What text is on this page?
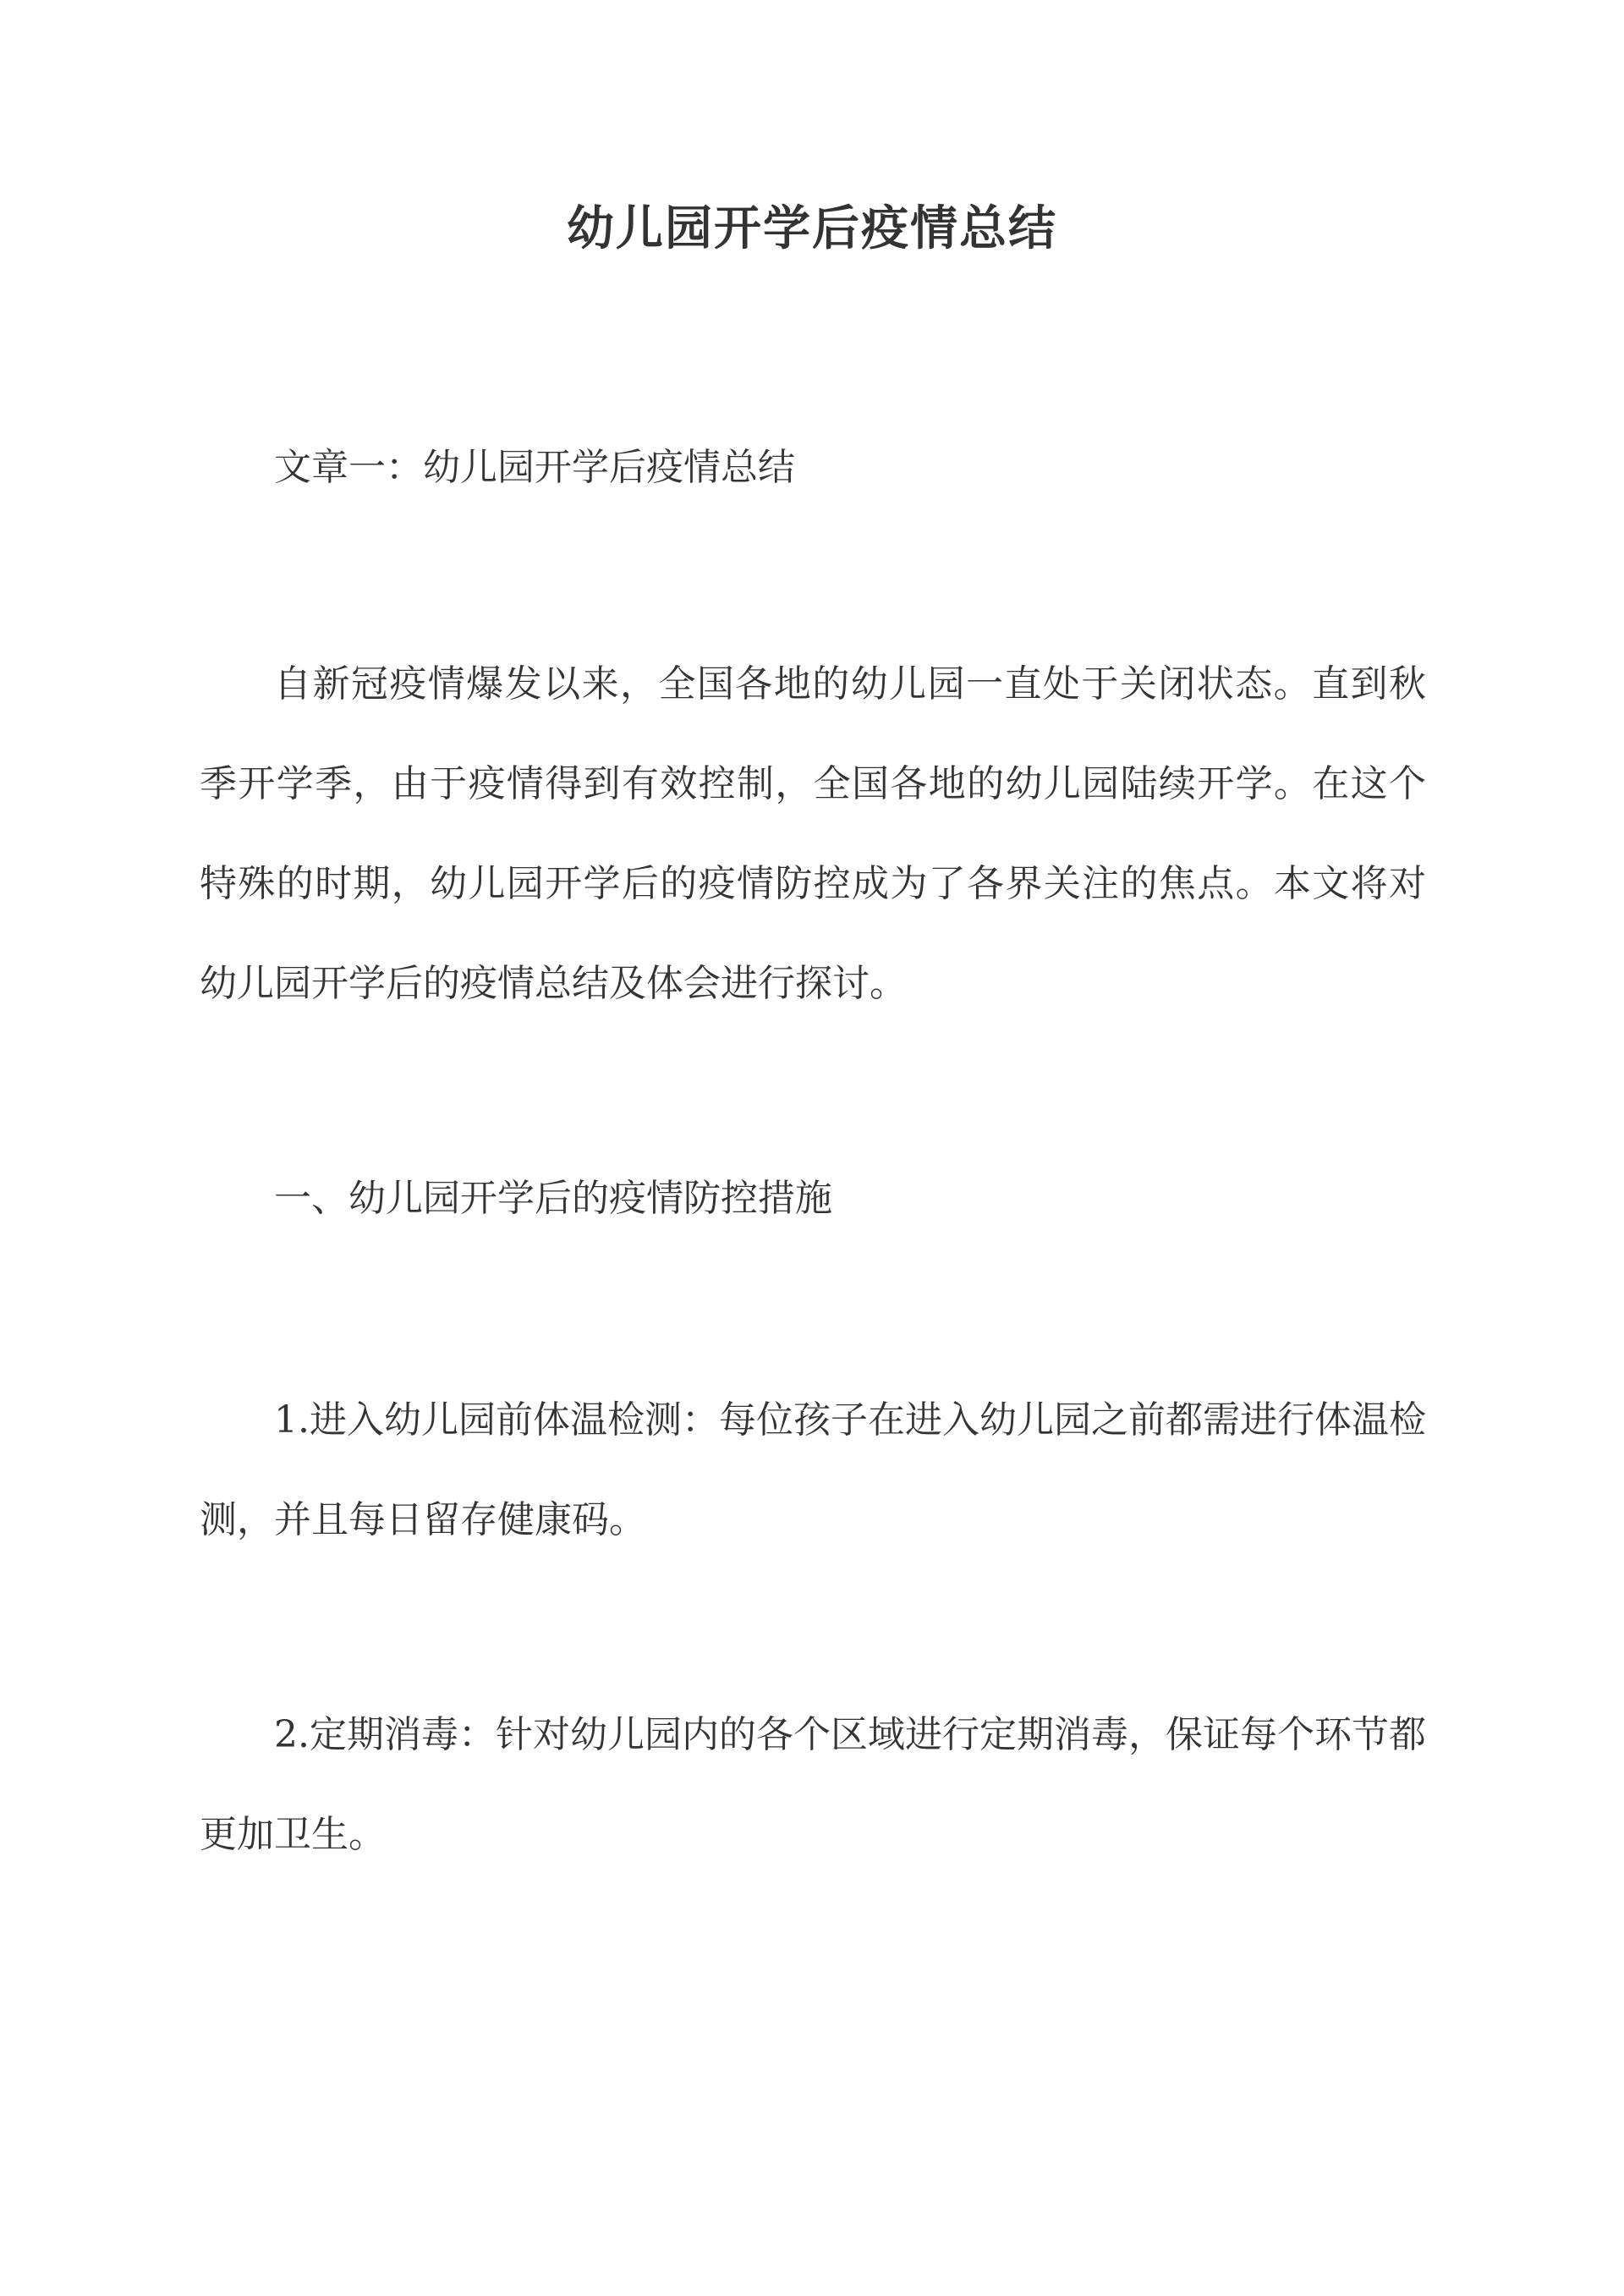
幼儿园开学后疫情总结

文章一：幼儿园开学后疫情总结

自新冠疫情爆发以来，全国各地的幼儿园一直处于关闭状态。直到秋季开学季，由于疫情得到有效控制，全国各地的幼儿园陆续开学。在这个特殊的时期，幼儿园开学后的疫情防控成为了各界关注的焦点。本文将对幼儿园开学后的疫情总结及体会进行探讨。

一、幼儿园开学后的疫情防控措施

1.进入幼儿园前体温检测：每位孩子在进入幼儿园之前都需进行体温检测，并且每日留存健康码。

2.定期消毒：针对幼儿园内的各个区域进行定期消毒，保证每个环节都更加卫生。
